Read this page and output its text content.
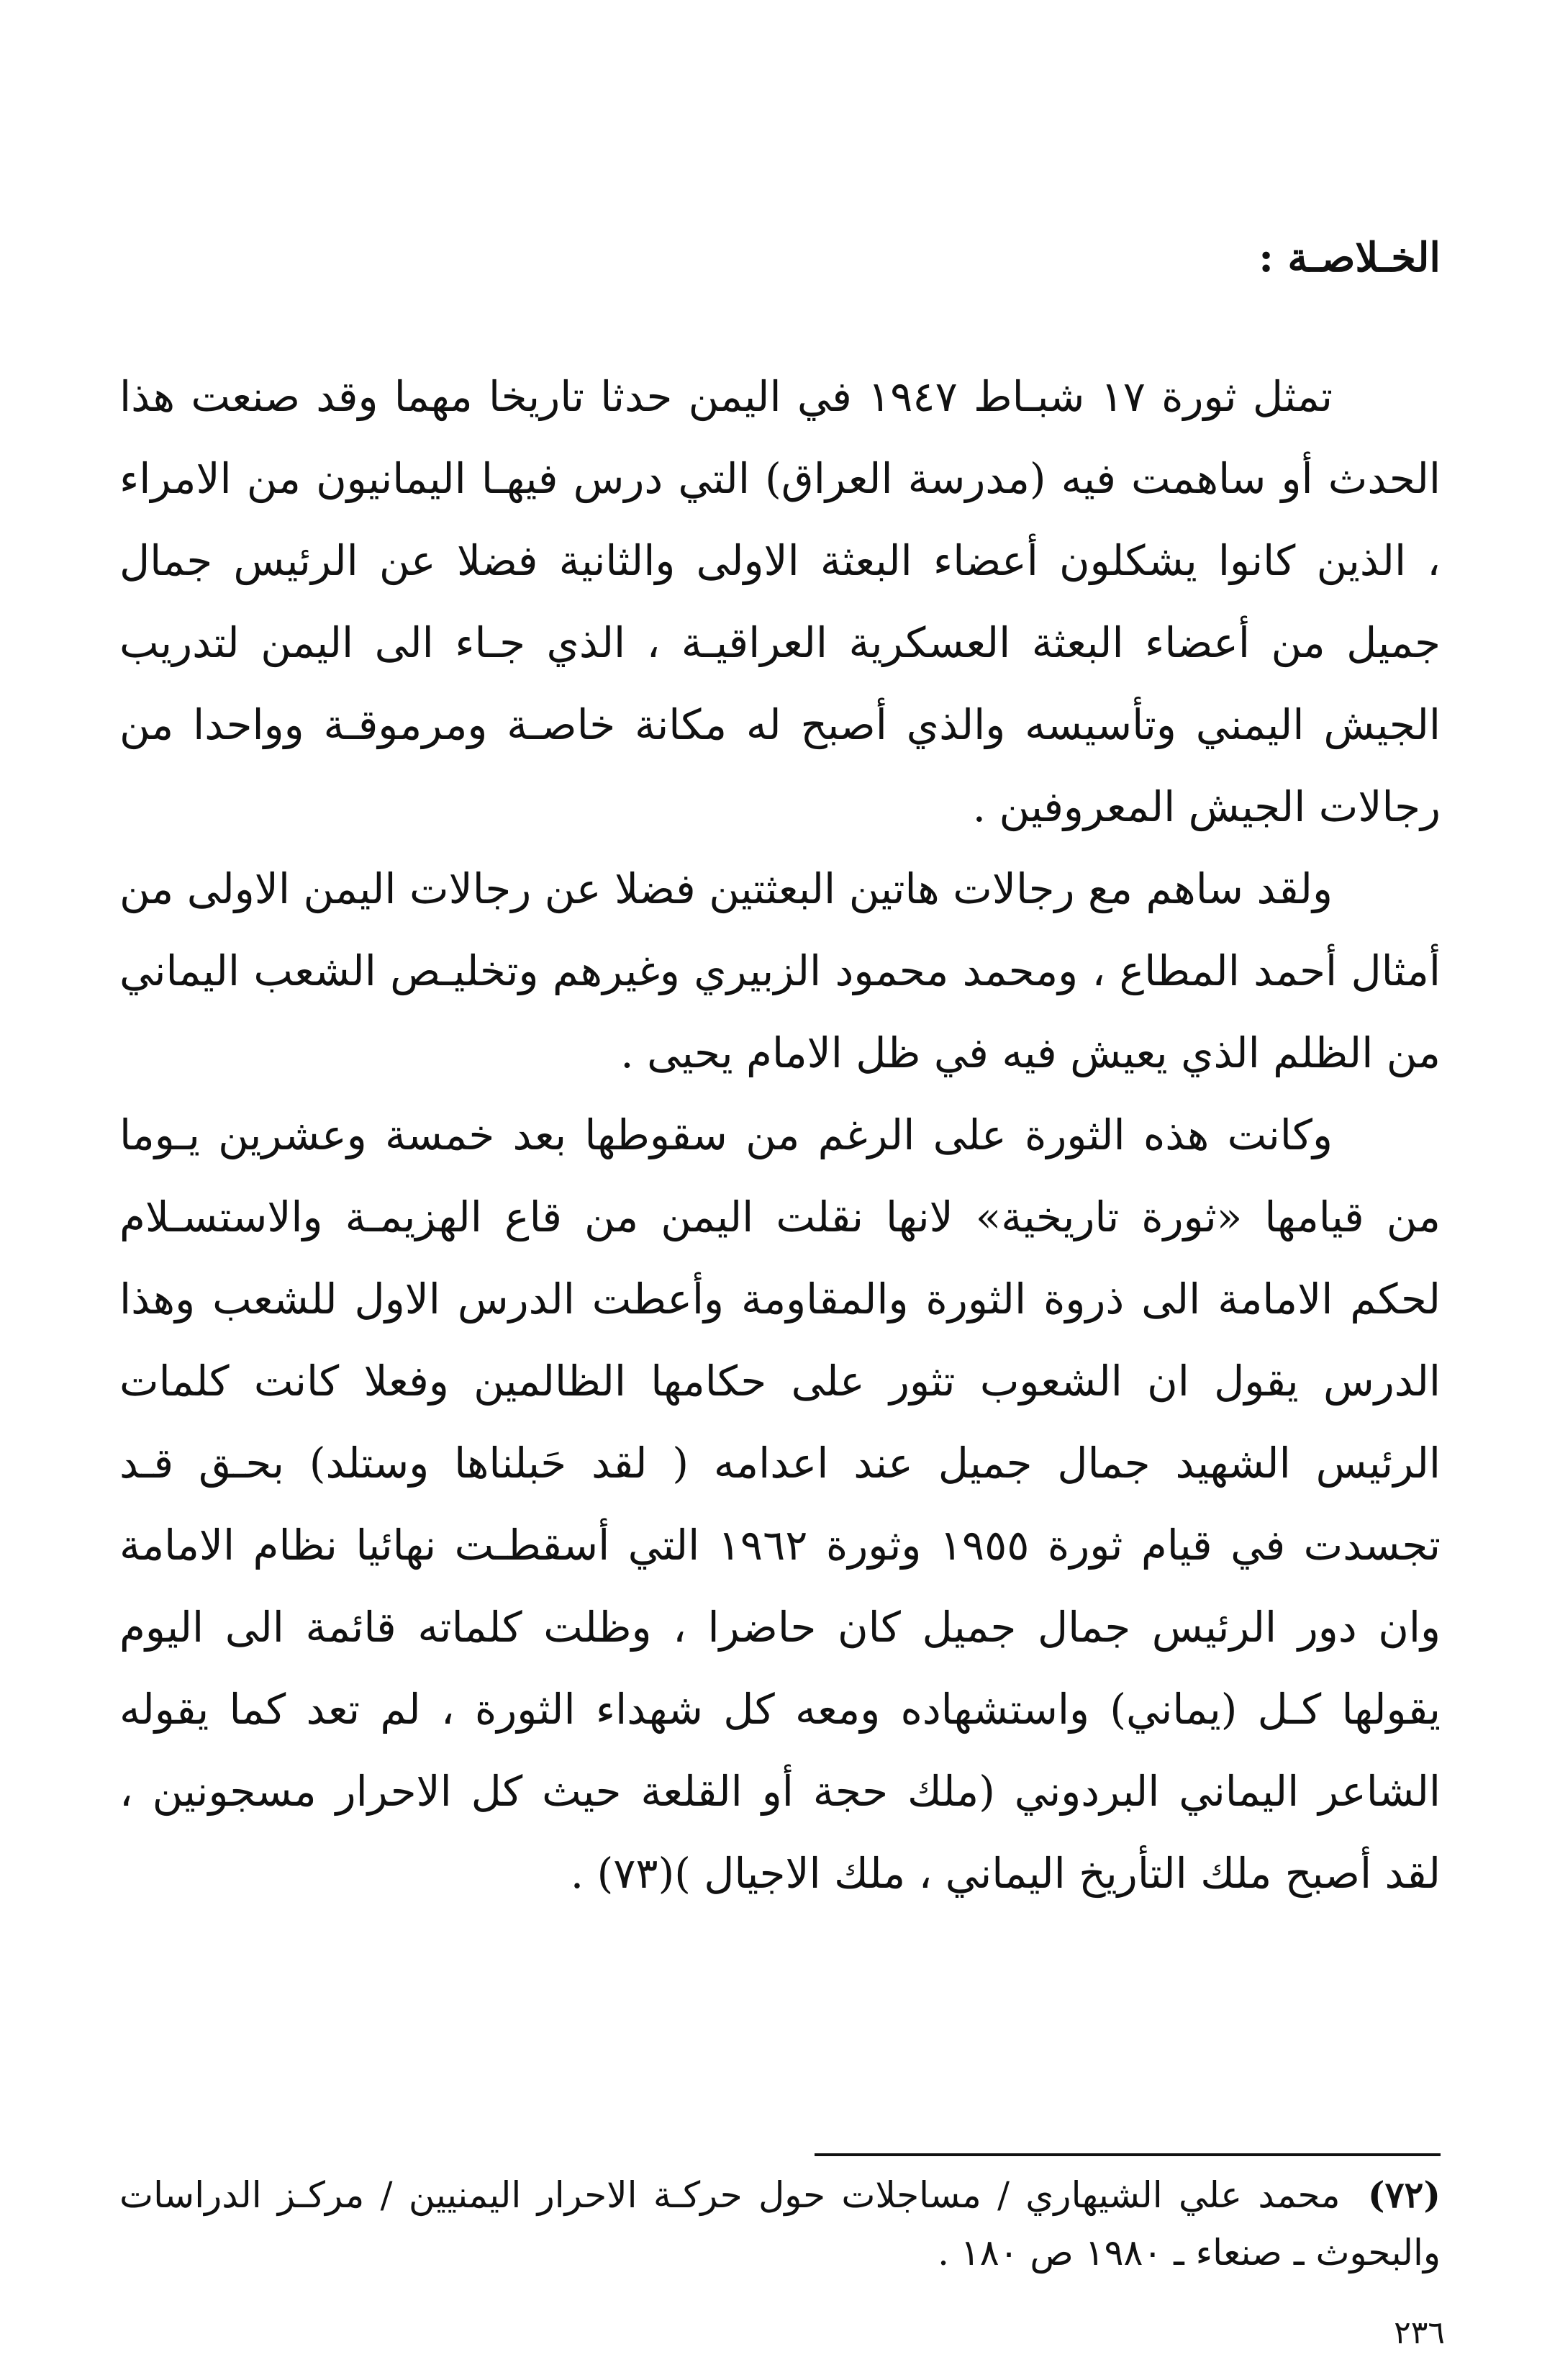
الخـلاصـة :

تمثل ثورة ١٧ شبـاط ١٩٤٧ في اليمن حدثا تاريخا مهما وقد صنعت هذا الحدث أو ساهمت فيه (مدرسة العراق) التي درس فيهـا اليمانيون من الامراء ، الذين كانوا يشكلون أعضاء البعثة الاولى والثانية فضلا عن الرئيس جمال جميل من أعضاء البعثة العسكرية العراقيـة ، الذي جـاء الى اليمن لتدريب الجيش اليمني وتأسيسه والذي أصبح له مكانة خاصـة ومرموقـة وواحدا من رجالات الجيش المعروفين .

ولقد ساهم مع رجالات هاتين البعثتين فضلا عن رجالات اليمن الاولى من أمثال أحمد المطاع ، ومحمد محمود الزبيري وغيرهم وتخليـص الشعب اليماني من الظلم الذي يعيش فيه في ظل الامام يحيى .

وكانت هذه الثورة على الرغم من سقوطها بعد خمسة وعشرين يـوما من قيامها «ثورة تاريخية» لانها نقلت اليمن من قاع الهزيمـة والاستسـلام لحكم الامامة الى ذروة الثورة والمقاومة وأعطت الدرس الاول للشعب وهذا الدرس يقول ان الشعوب تثور على حكامها الظالمين وفعلا كانت كلمات الرئيس الشهيد جمال جميل عند اعدامه ( لقد حَبلناها وستلد) بحـق قـد تجسدت في قيام ثورة ١٩٥٥ وثورة ١٩٦٢ التي أسقطـت نهائيا نظام الامامة وان دور الرئيس جمال جميل كان حاضرا ، وظلت كلماته قائمة الى اليوم يقولها كـل (يماني) واستشهاده ومعه كل شهداء الثورة ، لم تعد كما يقوله الشاعر اليماني البردوني (ملك حجة أو القلعة حيث كل الاحرار مسجونين ، لقد أصبح ملك التأريخ اليماني ، ملك الاجيال )(٧٣) .

(٧٢) محمد علي الشيهاري / مساجلات حول حركـة الاحرار اليمنيين / مركـز الدراسات والبحوث ـ صنعاء ـ ١٩٨٠ ص ١٨٠ .
٢٣٦
